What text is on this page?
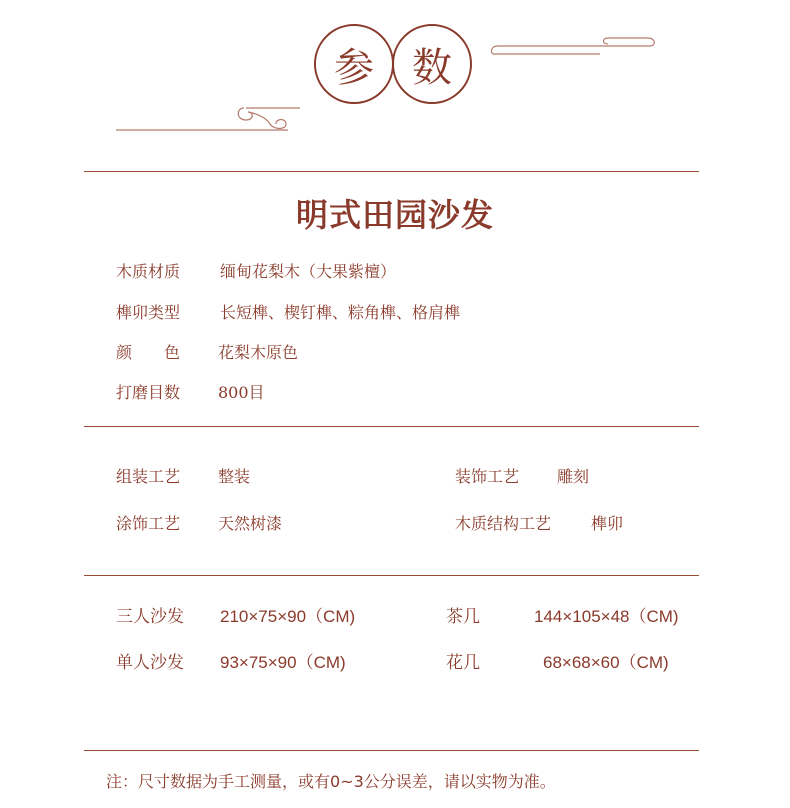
参 数
明式田园沙发
木质材质 缅甸花梨木（大果紫檀）
榫卯类型 长短榫、楔钉榫、粽角榫、格肩榫
颜　　色 花梨木原色
打磨目数 800目
组装工艺 整装	装饰工艺 雕刻
涂饰工艺 天然树漆	木质结构工艺 榫卯
三人沙发 210×75×90（CM)	茶几	144×105×48（CM)
单人沙发 93×75×90（CM)	花几	68×68×60（CM)
注：尺寸数据为手工测量，或有0~3公分误差，请以实物为准。
